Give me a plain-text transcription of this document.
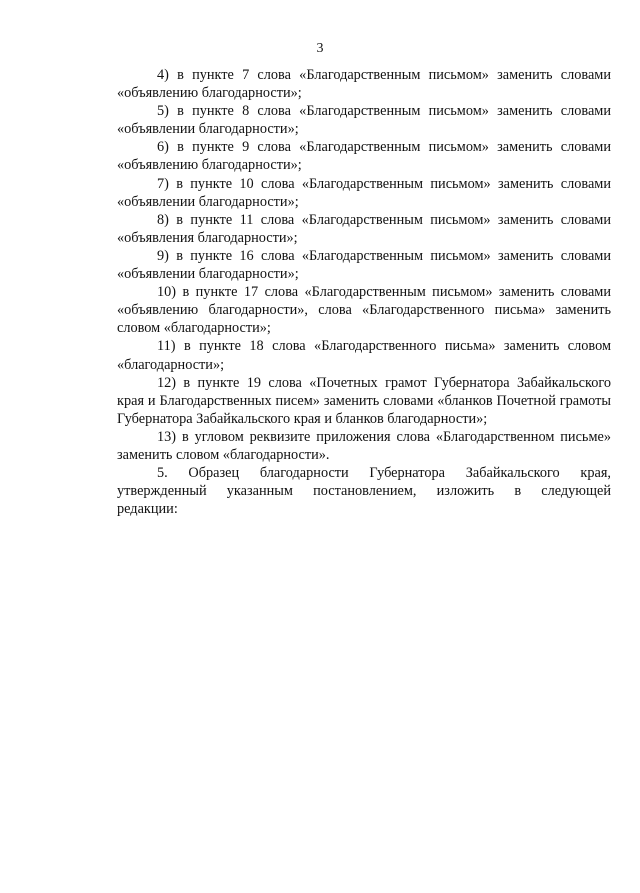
3

4) в пункте 7 слова «Благодарственным письмом» заменить словами «объявлению благодарности»;

5) в пункте 8 слова «Благодарственным письмом» заменить словами «объявлении благодарности»;

6) в пункте 9 слова «Благодарственным письмом» заменить словами «объявлению благодарности»;

7) в пункте 10 слова «Благодарственным письмом» заменить словами «объявлении благодарности»;

8) в пункте 11 слова «Благодарственным письмом» заменить словами «объявления благодарности»;

9) в пункте 16 слова «Благодарственным письмом» заменить словами «объявлении благодарности»;

10) в пункте 17 слова «Благодарственным письмом» заменить словами «объявлению благодарности», слова «Благодарственного письма» заменить словом «благодарности»;

11) в пункте 18 слова «Благодарственного письма» заменить словом «благодарности»;

12) в пункте 19 слова «Почетных грамот Губернатора Забайкальского края и Благодарственных писем» заменить словами «бланков Почетной грамоты Губернатора Забайкальского края и бланков благодарности»;

13) в угловом реквизите приложения слова «Благодарственном письме» заменить словом «благодарности».

5. Образец благодарности Губернатора Забайкальского края, утвержденный указанным постановлением, изложить в следующей редакции:
